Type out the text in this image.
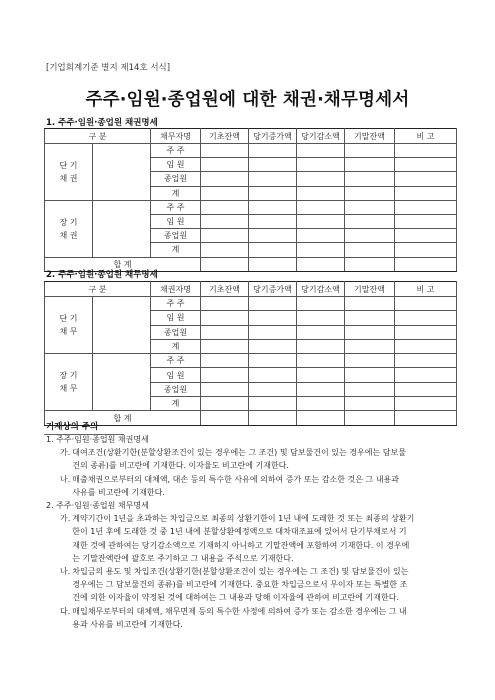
[기업회계기준 별지 제14호 서식]
주주·임원·종업원에 대한 채권·채무명세서
1. 주주·임원·종업원 채권명세
구 분		채무자명	기초잔액	당기증가액	당기감소액	기말잔액	비 고

단 기
채 권		주 주					
		임 원					
		종업원					
		계					

장 기
채 권		주 주					
		임 원					
		종업원					
		계					
합 계							
2. 주주·임원·종업원 채무명세
구 분		채권자명	기초잔액	당기증가액	당기감소액	기말잔액	비 고

단 기
채 무		주 주					
		임 원					
		종업원					
		계					

장 기
채 무		주 주					
		임 원					
		종업원					
		계					
합 계							
기재상의 주의

1. 주주·임원·종업원 채권명세

가. 대여조건(상환기한(분할상환조건이 있는 경우에는 그 조건) 및 담보물건이 있는 경우에는 담보물
건의 종류)를 비고란에 기재한다. 이자율도 비고란에 기재한다.
나. 매출채권으로부터의 대체액, 대손 등의 특수한 사유에 의하여 증가 또는 감소한 것은 그 내용과
사유를 비고란에 기재한다.

2. 주주·임원·종업원 채무명세

가. 계약기간이 1년을 초과하는 차입금으로 최종의 상환기한이 1년 내에 도래한 것 또는 최종의 상환기
한이 1년 후에 도래한 것 중 1년 내에 분할상환예정액으로 대차대조표에 있어서 단기부채로서 기
재한 것에 관하여는 당기감소액으로 기재하지 아니하고 기말잔액에 포함하여 기재한다. 이 경우에
는 기말잔액란에 괄호로 주기하고 그 내용을 주석으로 기재한다.
나. 차입금의 용도 및 차입조건(상환기한(분할상환조건이 있는 경우에는 그 조건) 및 담보물건이 있는
경우에는 그 담보물건의 종류)를 비고란에 기재한다. 중요한 차입금으로서 무이자 또는 특별한 조
건에 의한 이자율이 약정된 것에 대하여는 그 내용과 당해 이자율에 관하여 비고란에 기재한다.
다. 매입채무로부터의 대체액, 채무면제 등의 특수한 사정에 의하여 증가 또는 감소한 경우에는 그 내
용과 사유를 비고란에 기재한다.
